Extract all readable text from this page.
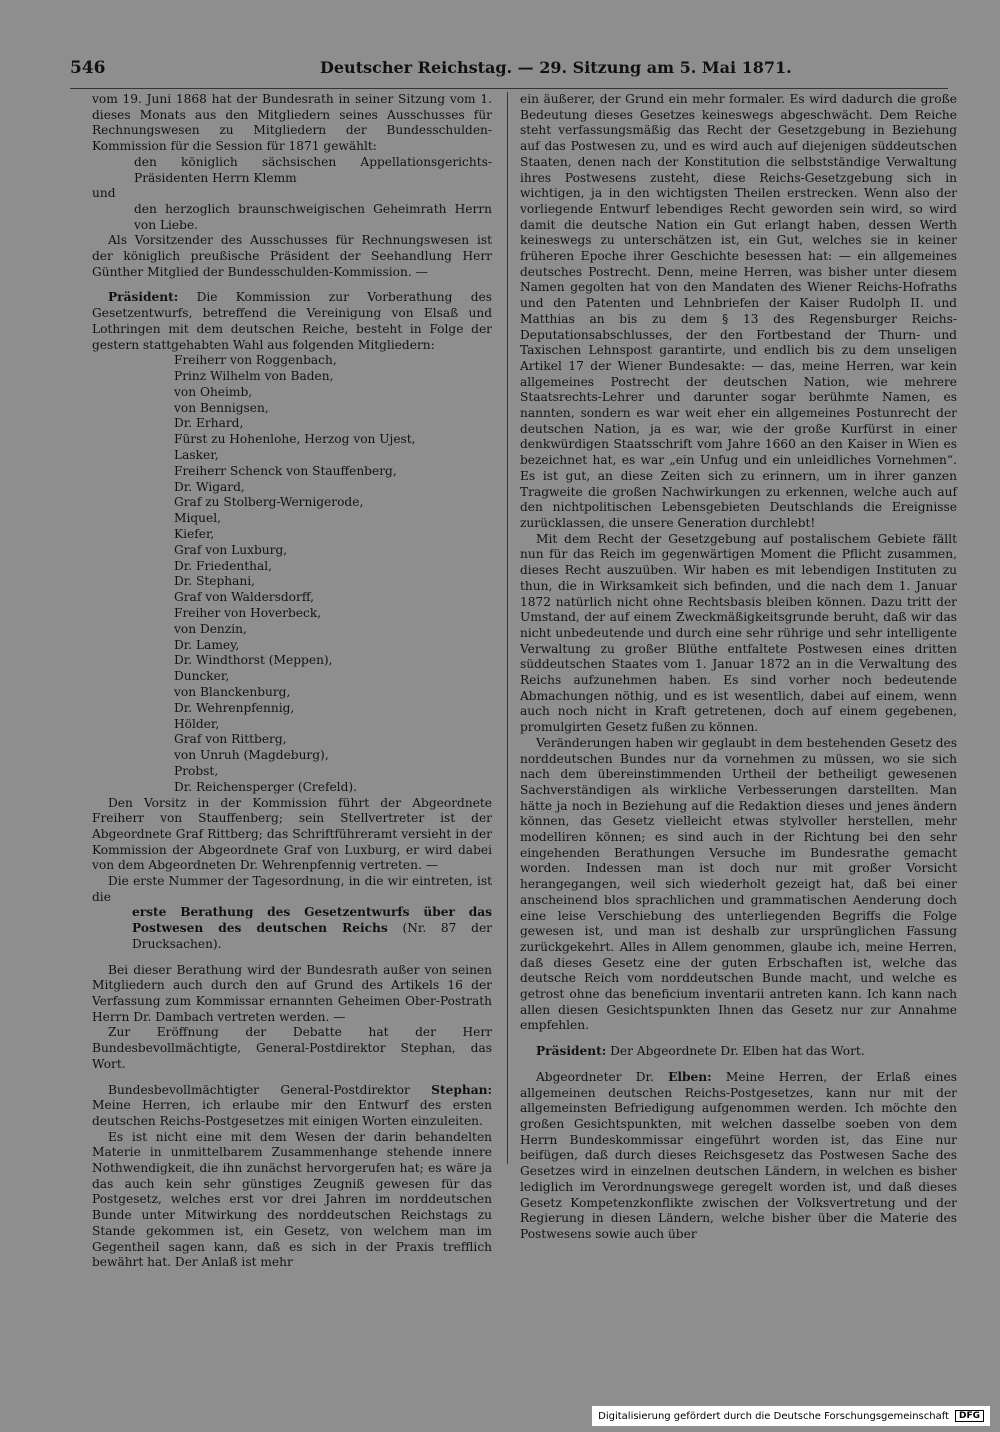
546	Deutscher Reichstag. — 29. Sitzung am 5. Mai 1871.

vom 19. Juni 1868 hat der Bundesrath in seiner Sitzung vom 1. dieses Monats aus den Mitgliedern seines Ausschusses für Rechnungswesen zu Mitgliedern der Bundesschulden-Kommission für die Session für 1871 gewählt:

den königlich sächsischen Appellationsgerichts-Präsidenten Herrn Klemm

und

den herzoglich braunschweigischen Geheimrath Herrn von Liebe.

Als Vorsitzender des Ausschusses für Rechnungswesen ist der königlich preußische Präsident der Seehandlung Herr Günther Mitglied der Bundesschulden-Kommission. —

Präsident: Die Kommission zur Vorberathung des Gesetzentwurfs, betreffend die Vereinigung von Elsaß und Lothringen mit dem deutschen Reiche, besteht in Folge der gestern stattgehabten Wahl aus folgenden Mitgliedern:

Freiherr von Roggenbach,
Prinz Wilhelm von Baden,
von Oheimb,
von Bennigsen,
Dr. Erhard,
Fürst zu Hohenlohe, Herzog von Ujest,
Lasker,
Freiherr Schenck von Stauffenberg,
Dr. Wigard,
Graf zu Stolberg-Wernigerode,
Miquel,
Kiefer,
Graf von Luxburg,
Dr. Friedenthal,
Dr. Stephani,
Graf von Waldersdorff,
Freiher von Hoverbeck,
von Denzin,
Dr. Lamey,
Dr. Windthorst (Meppen),
Duncker,
von Blanckenburg,
Dr. Wehrenpfennig,
Hölder,
Graf von Rittberg,
von Unruh (Magdeburg),
Probst,
Dr. Reichensperger (Crefeld).

Den Vorsitz in der Kommission führt der Abgeordnete Freiherr von Stauffenberg; sein Stellvertreter ist der Abgeordnete Graf Rittberg; das Schriftführeramt versieht in der Kommission der Abgeordnete Graf von Luxburg, er wird dabei von dem Abgeordneten Dr. Wehrenpfennig vertreten. —

Die erste Nummer der Tagesordnung, in die wir eintreten, ist die

erste Berathung des Gesetzentwurfs über das Postwesen des deutschen Reichs (Nr. 87 der Drucksachen).

Bei dieser Berathung wird der Bundesrath außer von seinen Mitgliedern auch durch den auf Grund des Artikels 16 der Verfassung zum Kommissar ernannten Geheimen Ober-Postrath Herrn Dr. Dambach vertreten werden. —

Zur Eröffnung der Debatte hat der Herr Bundesbevollmächtigte, General-Postdirektor Stephan, das Wort.

Bundesbevollmächtigter General-Postdirektor Stephan: Meine Herren, ich erlaube mir den Entwurf des ersten deutschen Reichs-Postgesetzes mit einigen Worten einzuleiten.

Es ist nicht eine mit dem Wesen der darin behandelten Materie in unmittelbarem Zusammenhange stehende innere Nothwendigkeit, die ihn zunächst hervorgerufen hat; es wäre ja das auch kein sehr günstiges Zeugniß gewesen für das Postgesetz, welches erst vor drei Jahren im norddeutschen Bunde unter Mitwirkung des norddeutschen Reichstags zu Stande gekommen ist, ein Gesetz, von welchem man im Gegentheil sagen kann, daß es sich in der Praxis trefflich bewährt hat. Der Anlaß ist mehr

ein äußerer, der Grund ein mehr formaler. Es wird dadurch die große Bedeutung dieses Gesetzes keineswegs abgeschwächt. Dem Reiche steht verfassungsmäßig das Recht der Gesetzgebung in Beziehung auf das Postwesen zu, und es wird auch auf diejenigen süddeutschen Staaten, denen nach der Konstitution die selbstständige Verwaltung ihres Postwesens zusteht, diese Reichs-Gesetzgebung sich in wichtigen, ja in den wichtigsten Theilen erstrecken. Wenn also der vorliegende Entwurf lebendiges Recht geworden sein wird, so wird damit die deutsche Nation ein Gut erlangt haben, dessen Werth keineswegs zu unterschätzen ist, ein Gut, welches sie in keiner früheren Epoche ihrer Geschichte besessen hat: — ein allgemeines deutsches Postrecht. Denn, meine Herren, was bisher unter diesem Namen gegolten hat von den Mandaten des Wiener Reichs-Hofraths und den Patenten und Lehnbriefen der Kaiser Rudolph II. und Matthias an bis zu dem § 13 des Regensburger Reichs-Deputationsabschlusses, der den Fortbestand der Thurn- und Taxischen Lehnspost garantirte, und endlich bis zu dem unseligen Artikel 17 der Wiener Bundesakte: — das, meine Herren, war kein allgemeines Postrecht der deutschen Nation, wie mehrere Staatsrechts-Lehrer und darunter sogar berühmte Namen, es nannten, sondern es war weit eher ein allgemeines Postunrecht der deutschen Nation, ja es war, wie der große Kurfürst in einer denkwürdigen Staatsschrift vom Jahre 1660 an den Kaiser in Wien es bezeichnet hat, es war „ein Unfug und ein unleidliches Vornehmen“. Es ist gut, an diese Zeiten sich zu erinnern, um in ihrer ganzen Tragweite die großen Nachwirkungen zu erkennen, welche auch auf den nichtpolitischen Lebensgebieten Deutschlands die Ereignisse zurücklassen, die unsere Generation durchlebt!

Mit dem Recht der Gesetzgebung auf postalischem Gebiete fällt nun für das Reich im gegenwärtigen Moment die Pflicht zusammen, dieses Recht auszuüben. Wir haben es mit lebendigen Instituten zu thun, die in Wirksamkeit sich befinden, und die nach dem 1. Januar 1872 natürlich nicht ohne Rechtsbasis bleiben können. Dazu tritt der Umstand, der auf einem Zweckmäßigkeitsgrunde beruht, daß wir das nicht unbedeutende und durch eine sehr rührige und sehr intelligente Verwaltung zu großer Blüthe entfaltete Postwesen eines dritten süddeutschen Staates vom 1. Januar 1872 an in die Verwaltung des Reichs aufzunehmen haben. Es sind vorher noch bedeutende Abmachungen nöthig, und es ist wesentlich, dabei auf einem, wenn auch noch nicht in Kraft getretenen, doch auf einem gegebenen, promulgirten Gesetz fußen zu können.

Veränderungen haben wir geglaubt in dem bestehenden Gesetz des norddeutschen Bundes nur da vornehmen zu müssen, wo sie sich nach dem übereinstimmenden Urtheil der betheiligt gewesenen Sachverständigen als wirkliche Verbesserungen darstellten. Man hätte ja noch in Beziehung auf die Redaktion dieses und jenes ändern können, das Gesetz vielleicht etwas stylvoller herstellen, mehr modelliren können; es sind auch in der Richtung bei den sehr eingehenden Berathungen Versuche im Bundesrathe gemacht worden. Indessen man ist doch nur mit großer Vorsicht herangegangen, weil sich wiederholt gezeigt hat, daß bei einer anscheinend blos sprachlichen und grammatischen Aenderung doch eine leise Verschiebung des unterliegenden Begriffs die Folge gewesen ist, und man ist deshalb zur ursprünglichen Fassung zurückgekehrt. Alles in Allem genommen, glaube ich, meine Herren, daß dieses Gesetz eine der guten Erbschaften ist, welche das deutsche Reich vom norddeutschen Bunde macht, und welche es getrost ohne das beneficium inventarii antreten kann. Ich kann nach allen diesen Gesichtspunkten Ihnen das Gesetz nur zur Annahme empfehlen.

Präsident: Der Abgeordnete Dr. Elben hat das Wort.

Abgeordneter Dr. Elben: Meine Herren, der Erlaß eines allgemeinen deutschen Reichs-Postgesetzes, kann nur mit der allgemeinsten Befriedigung aufgenommen werden. Ich möchte den großen Gesichtspunkten, mit welchen dasselbe soeben von dem Herrn Bundeskommissar eingeführt worden ist, das Eine nur beifügen, daß durch dieses Reichsgesetz das Postwesen Sache des Gesetzes wird in einzelnen deutschen Ländern, in welchen es bisher lediglich im Verordnungswege geregelt worden ist, und daß dieses Gesetz Kompetenzkonflikte zwischen der Volksvertretung und der Regierung in diesen Ländern, welche bisher über die Materie des Postwesens sowie auch über

Digitalisierung gefördert durch die Deutsche Forschungsgemeinschaft	DFG
